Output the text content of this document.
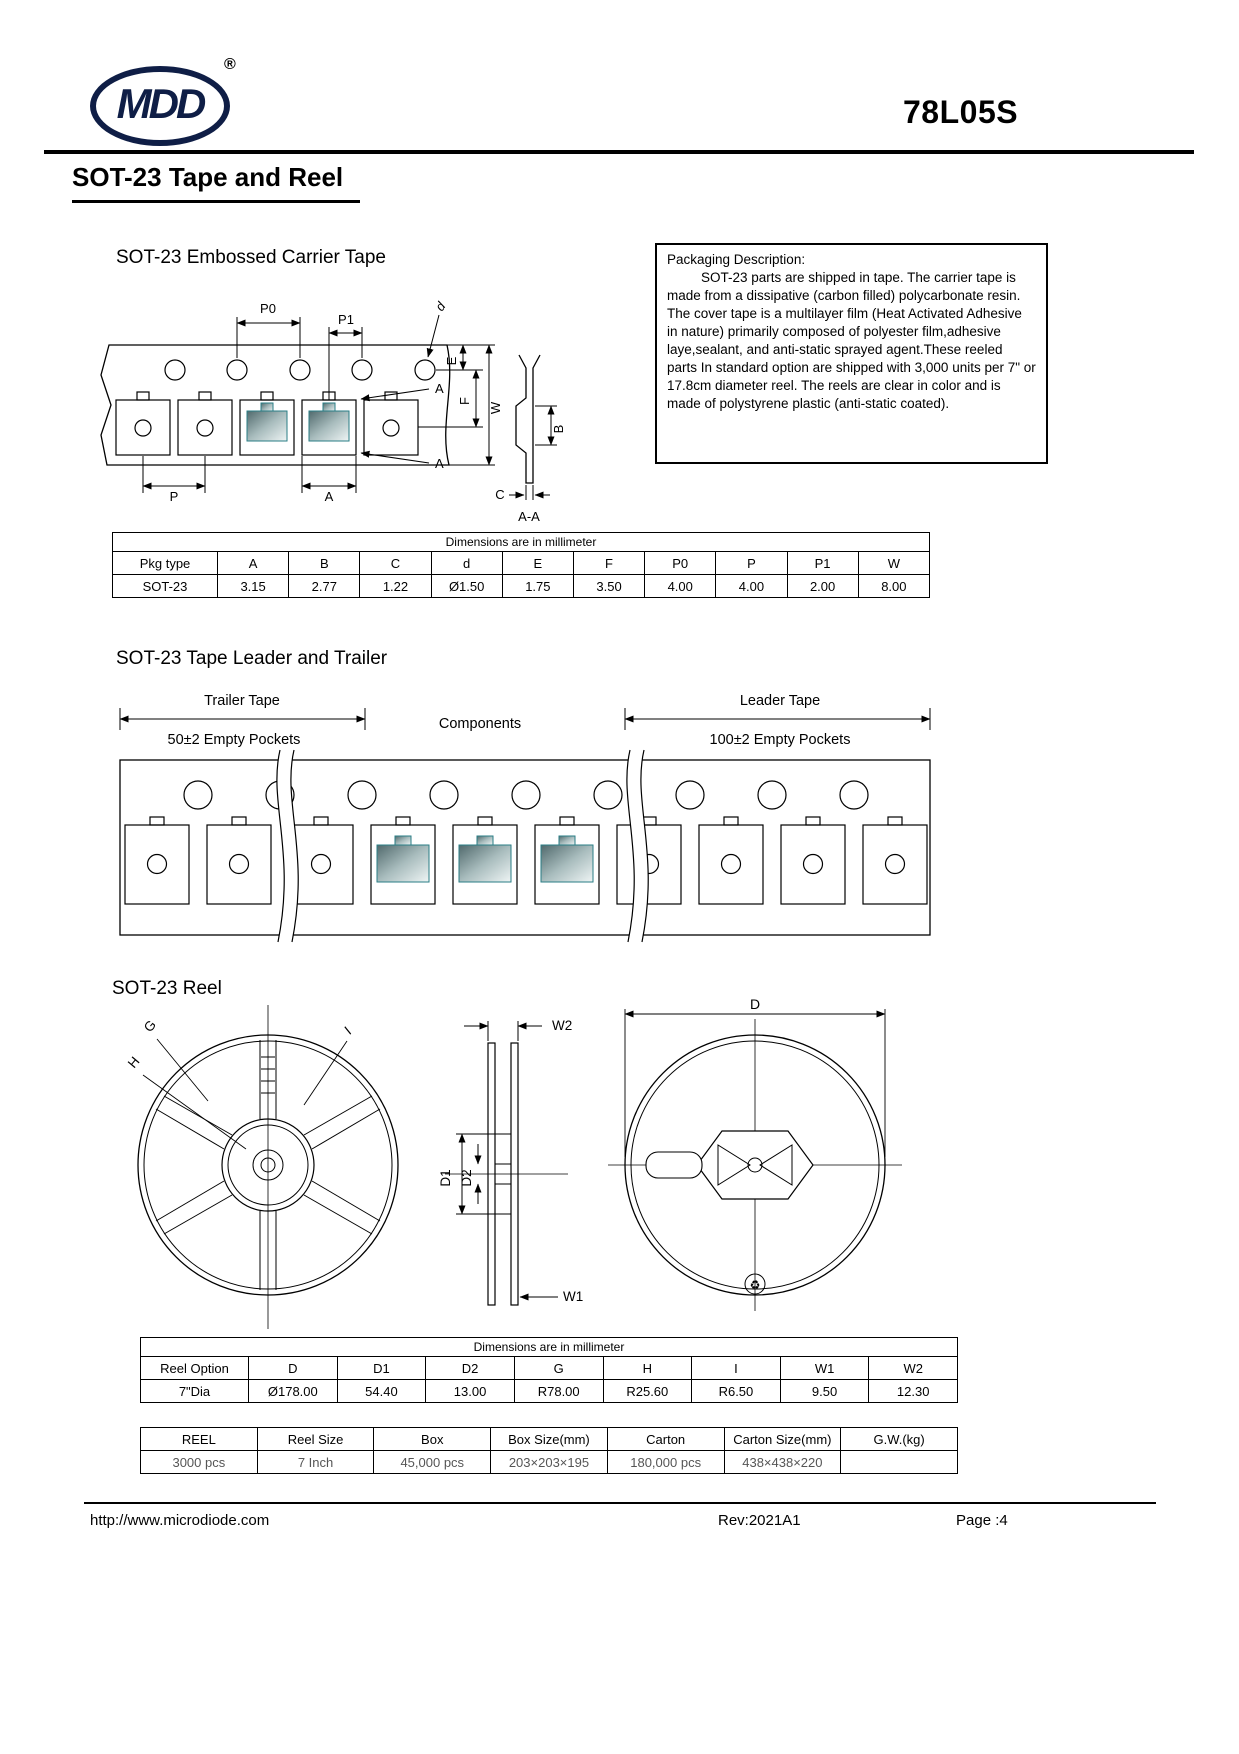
MDD
®
78L05S
SOT-23 Tape and Reel
SOT-23 Embossed Carrier Tape	Packaging Description:
SOT-23 parts are shipped in tape. The carrier tape is made from a dissipative (carbon filled) polycarbonate resin. The cover tape is a multilayer film (Heat Activated Adhesive in nature) primarily composed of polyester film,adhesive laye,sealant, and anti-static sprayed agent.These reeled parts In standard option are shipped with 3,000 units per 7" or 17.8cm diameter reel. The reels are clear in color and is made of polystyrene plastic (anti-static coated).
P0
P1
d
E
F
W
A
A
P	A
B
C
A-A
Dimensions are in millimeter										
Pkg type	A	B	C	d	E	F	P0	P	P1	W
SOT-23	3.15	2.77	1.22	Ø1.50	1.75	3.50	4.00	4.00	2.00	8.00
SOT-23 Tape Leader and Trailer
Trailer Tape
50±2 Empty Pockets
Components
Leader Tape
100±2 Empty Pockets
SOT-23 Reel
G
H
I	W2
D1 D2
W1
D
♻
Dimensions are in millimeter								
Reel Option	D	D1	D2	G	H	I	W1	W2
7"Dia	Ø178.00	54.40	13.00	R78.00	R25.60	R6.50	9.50	12.30
REEL	Reel Size	Box	Box Size(mm)	Carton	Carton Size(mm)	G.W.(kg)
3000 pcs	7 Inch	45,000 pcs	203×203×195	180,000 pcs	438×438×220	
http://www.microdiode.com	Rev:2021A1	Page :4
